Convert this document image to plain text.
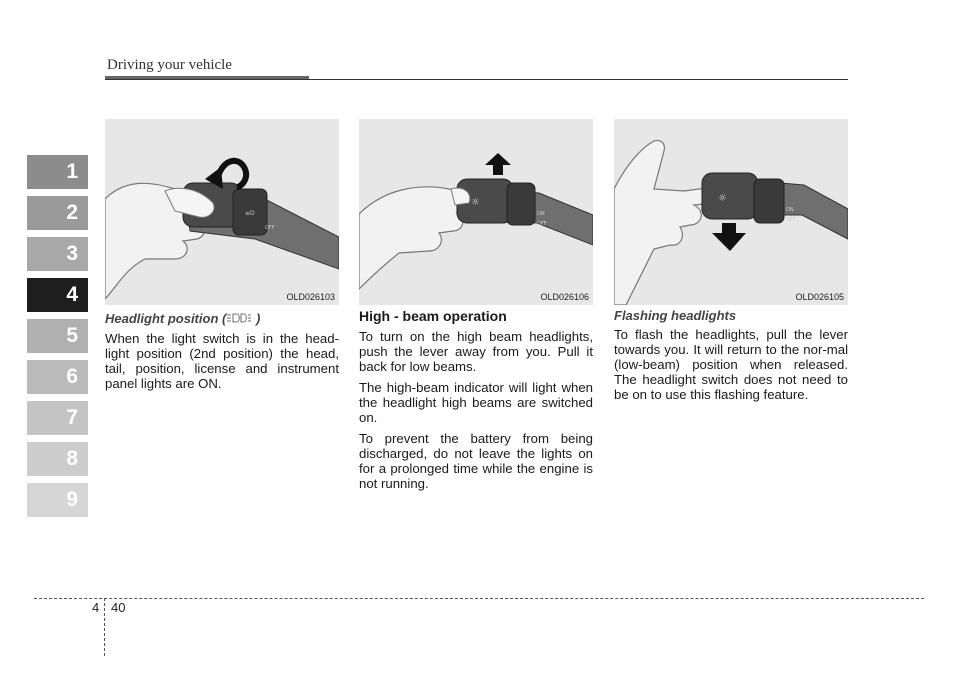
Driving your vehicle
1
2
3
4
5
6
7
8
9
≡D
OFF
OLD026103
☼
ON
OFF
OLD026106
☼
ON
OFF
OLD026105
Headlight position ( )

When the light switch is in the head-light position (2nd position) the head, tail, position, license and instrument panel lights are ON.

High - beam operation

To turn on the high beam headlights, push the lever away from you. Pull it back for low beams.

The high-beam indicator will light when the headlight high beams are switched on.

To prevent the battery from being discharged, do not leave the lights on for a prolonged time while the engine is not running.

Flashing headlights

To flash the headlights, pull the lever towards you. It will return to the nor-mal (low-beam) position when released. The headlight switch does not need to be on to use this flashing feature.

4 40
